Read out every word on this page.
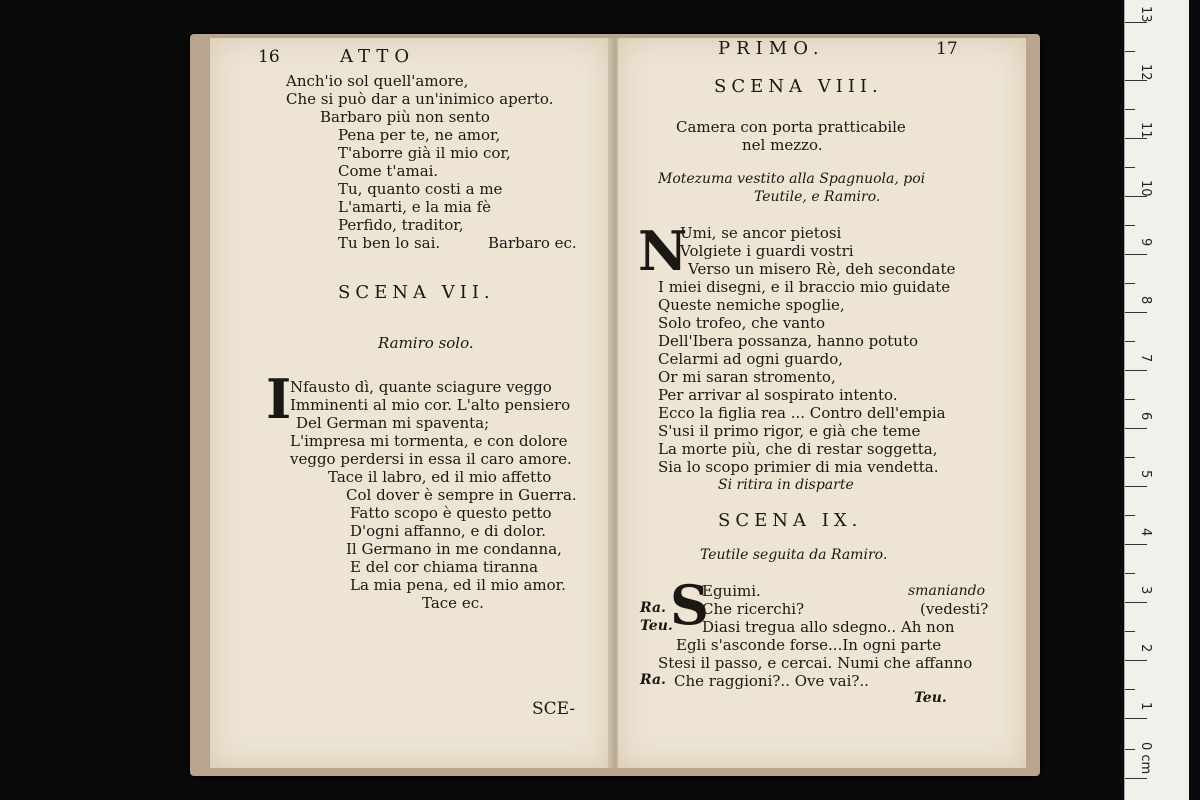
16	ATTO
Anch'io sol quell'amore,
Che si può dar a un'inimico aperto.
Barbaro più non sento
Pena per te, ne amor,
T'aborre già il mio cor,
Come t'amai.
Tu, quanto costi a me
L'amarti, e la mia fè
Perfido, traditor,
Tu ben lo sai.	Barbaro ec.
SCENA VII.
Ramiro solo.
I
Nfausto dì, quante sciagure veggo
Imminenti al mio cor. L'alto pensiero
Del German mi spaventa;
L'impresa mi tormenta, e con dolore
veggo perdersi in essa il caro amore.
Tace il labro, ed il mio affetto
Col dover è sempre in Guerra.
Fatto scopo è questo petto
D'ogni affanno, e di dolor.
Il Germano in me condanna,
E del cor chiama tiranna
La mia pena, ed il mio amor.
Tace ec.
SCE-
PRIMO.	17
SCENA VIII.
Camera con porta pratticabile
nel mezzo.
Motezuma vestito alla Spagnuola, poi
Teutile, e Ramiro.
N
Umi, se ancor pietosi
Volgiete i guardi vostri
Verso un misero Rè, deh secondate
I miei disegni, e il braccio mio guidate
Queste nemiche spoglie,
Solo trofeo, che vanto
Dell'Ibera possanza, hanno potuto
Celarmi ad ogni guardo,
Or mi saran stromento,
Per arrivar al sospirato intento.
Ecco la figlia rea ... Contro dell'empia
S'usi il primo rigor, e già che teme
La morte più, che di restar soggetta,
Sia lo scopo primier di mia vendetta.
Si ritira in disparte
SCENA IX.
Teutile seguita da Ramiro.
S
Eguimi.	smaniando
Ra. Che ricerchi?	(vedesti?
Teu. Diasi tregua allo sdegno.. Ah non
Egli s'asconde forse...In ogni parte
Stesi il passo, e cercai. Numi che affanno
Ra. Che raggioni?.. Ove vai?..
Teu.
0 cm
1
2
3
4
5
6
7
8
9
10
11
12
13
